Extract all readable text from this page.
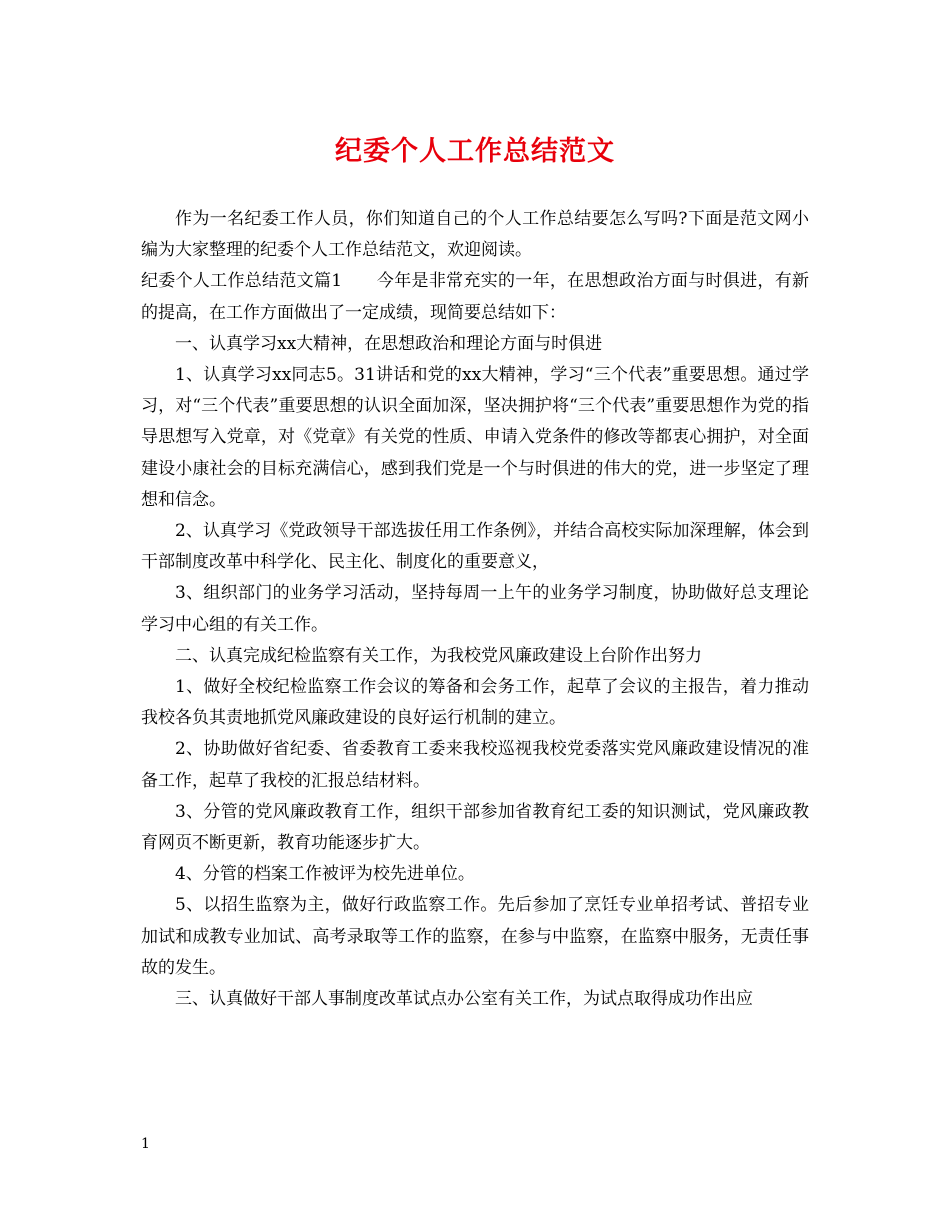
纪委个人工作总结范文

作为一名纪委工作人员，你们知道自己的个人工作总结要怎么写吗?下面是范文网小编为大家整理的纪委个人工作总结范文，欢迎阅读。

纪委个人工作总结范文篇1　　今年是非常充实的一年，在思想政治方面与时俱进，有新的提高，在工作方面做出了一定成绩，现简要总结如下：

一、认真学习xx大精神，在思想政治和理论方面与时俱进

1、认真学习xx同志5。31讲话和党的xx大精神，学习“三个代表”重要思想。通过学习，对“三个代表”重要思想的认识全面加深，坚决拥护将“三个代表”重要思想作为党的指导思想写入党章，对《党章》有关党的性质、申请入党条件的修改等都衷心拥护，对全面建设小康社会的目标充满信心，感到我们党是一个与时俱进的伟大的党，进一步坚定了理想和信念。

2、认真学习《党政领导干部选拔任用工作条例》，并结合高校实际加深理解，体会到干部制度改革中科学化、民主化、制度化的重要意义，

3、组织部门的业务学习活动，坚持每周一上午的业务学习制度，协助做好总支理论学习中心组的有关工作。

二、认真完成纪检监察有关工作，为我校党风廉政建设上台阶作出努力

1、做好全校纪检监察工作会议的筹备和会务工作，起草了会议的主报告，着力推动我校各负其责地抓党风廉政建设的良好运行机制的建立。

2、协助做好省纪委、省委教育工委来我校巡视我校党委落实党风廉政建设情况的准备工作，起草了我校的汇报总结材料。

3、分管的党风廉政教育工作，组织干部参加省教育纪工委的知识测试，党风廉政教育网页不断更新，教育功能逐步扩大。

4、分管的档案工作被评为校先进单位。

5、以招生监察为主，做好行政监察工作。先后参加了烹饪专业单招考试、普招专业加试和成教专业加试、高考录取等工作的监察，在参与中监察，在监察中服务，无责任事故的发生。

三、认真做好干部人事制度改革试点办公室有关工作，为试点取得成功作出应

1
